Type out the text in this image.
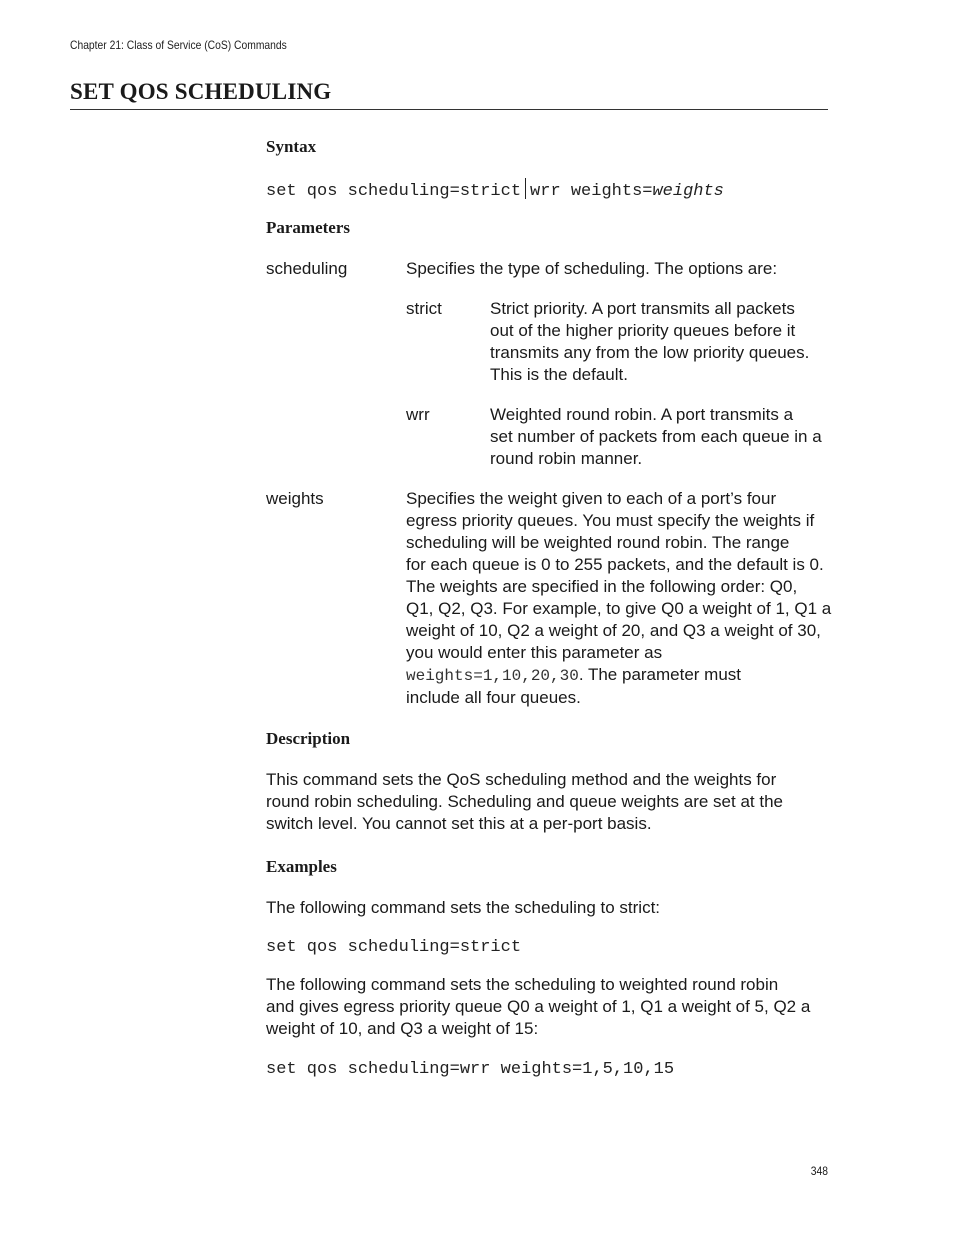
Chapter 21: Class of Service (CoS) Commands
SET QOS SCHEDULING
Syntax
set qos scheduling=strict wrr weights=weights
Parameters
scheduling	Specifies the type of scheduling. The options are:
strict	Strict priority. A port transmits all packets
out of the higher priority queues before it
transmits any from the low priority queues.
This is the default.
wrr	Weighted round robin. A port transmits a
set number of packets from each queue in a
round robin manner.
weights	Specifies the weight given to each of a port’s four
egress priority queues. You must specify the weights if
scheduling will be weighted round robin. The range
for each queue is 0 to 255 packets, and the default is 0.
The weights are specified in the following order: Q0,
Q1, Q2, Q3. For example, to give Q0 a weight of 1, Q1 a
weight of 10, Q2 a weight of 20, and Q3 a weight of 30,
you would enter this parameter as
weights=1,10,20,30. The parameter must
include all four queues.
Description
This command sets the QoS scheduling method and the weights for
round robin scheduling. Scheduling and queue weights are set at the
switch level. You cannot set this at a per-port basis.
Examples
The following command sets the scheduling to strict:
set qos scheduling=strict
The following command sets the scheduling to weighted round robin
and gives egress priority queue Q0 a weight of 1, Q1 a weight of 5, Q2 a
weight of 10, and Q3 a weight of 15:
set qos scheduling=wrr weights=1,5,10,15
348
